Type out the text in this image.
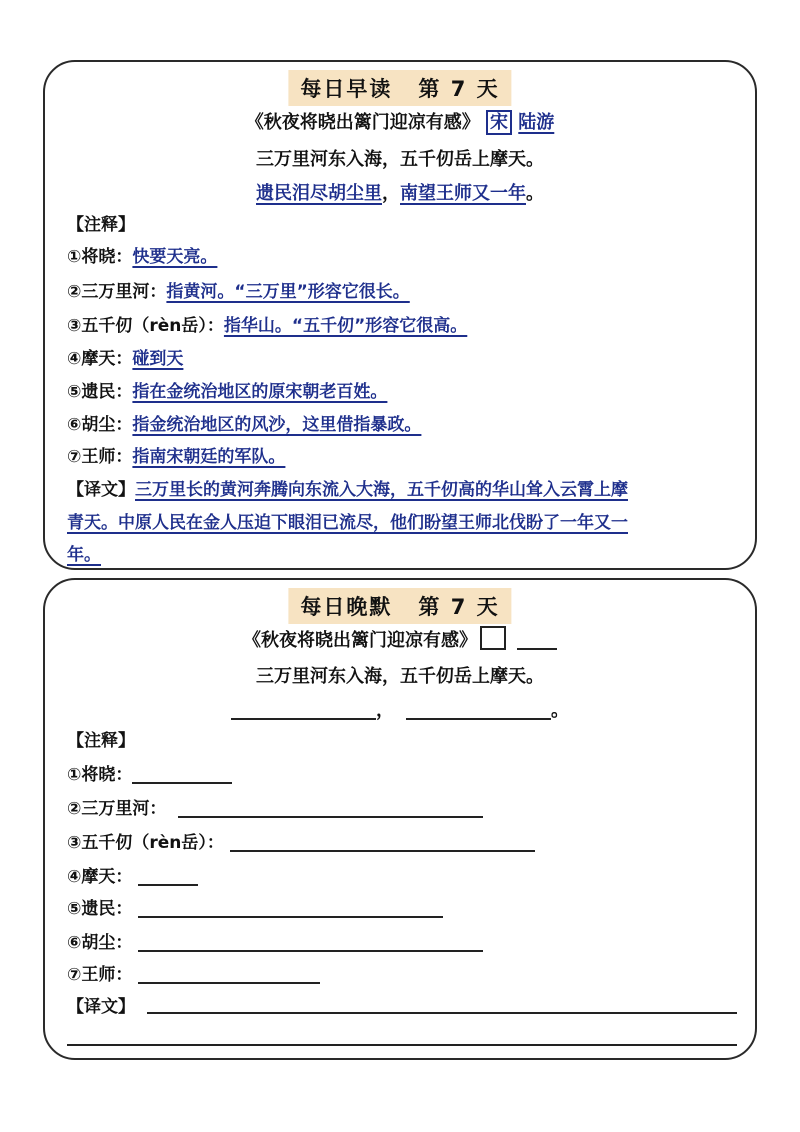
每日早读 第 7 天
《秋夜将晓出篱门迎凉有感》 宋 陆游
三万里河东入海，五千仞岳上摩天。
遗民泪尽胡尘里，南望王师又一年。
【注释】
①将晓：快要天亮。
②三万里河：指黄河。“三万里”形容它很长。
③五千仞（rèn岳）：指华山。“五千仞”形容它很高。
④摩天：碰到天
⑤遗民：指在金统治地区的原宋朝老百姓。
⑥胡尘：指金统治地区的风沙，这里借指暴政。
⑦王师：指南宋朝廷的军队。
【译文】三万里长的黄河奔腾向东流入大海，五千仞高的华山耸入云霄上摩
青天。中原人民在金人压迫下眼泪已流尽，他们盼望王师北伐盼了一年又一
年。
每日晚默 第 7 天
《秋夜将晓出篱门迎凉有感》
三万里河东入海，五千仞岳上摩天。
，	。
【注释】
①将晓：
②三万里河：
③五千仞（rèn岳）：
④摩天：
⑤遗民：
⑥胡尘：
⑦王师：
【译文】
